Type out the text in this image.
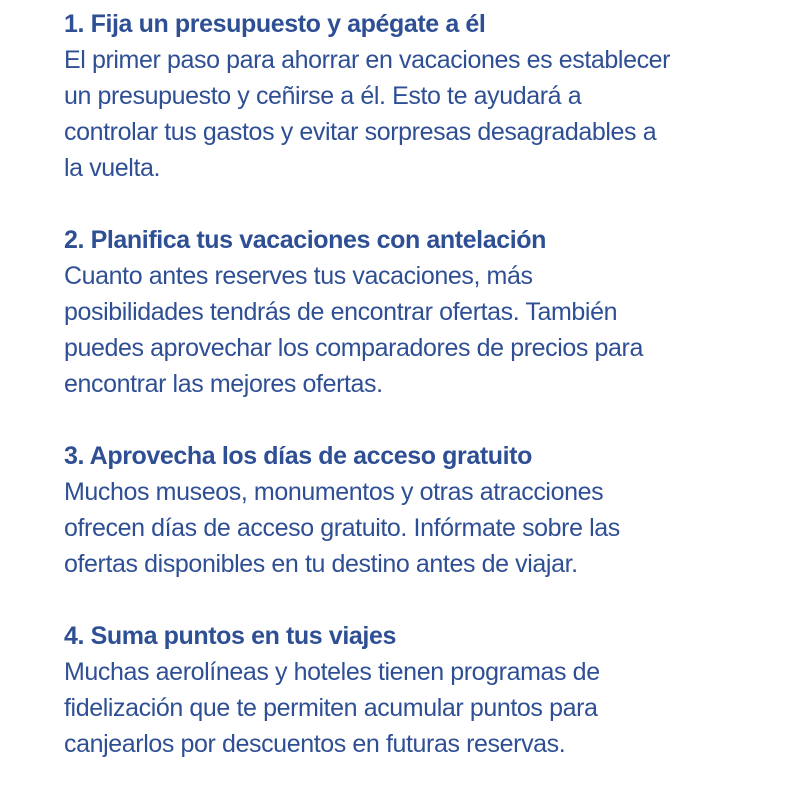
1. Fija un presupuesto y apégate a él
El primer paso para ahorrar en vacaciones es establecer
un presupuesto y ceñirse a él. Esto te ayudará a
controlar tus gastos y evitar sorpresas desagradables a
la vuelta.
2. Planifica tus vacaciones con antelación
Cuanto antes reserves tus vacaciones, más
posibilidades tendrás de encontrar ofertas. También
puedes aprovechar los comparadores de precios para
encontrar las mejores ofertas.
3. Aprovecha los días de acceso gratuito
Muchos museos, monumentos y otras atracciones
ofrecen días de acceso gratuito. Infórmate sobre las
ofertas disponibles en tu destino antes de viajar.
4. Suma puntos en tus viajes
Muchas aerolíneas y hoteles tienen programas de
fidelización que te permiten acumular puntos para
canjearlos por descuentos en futuras reservas.
